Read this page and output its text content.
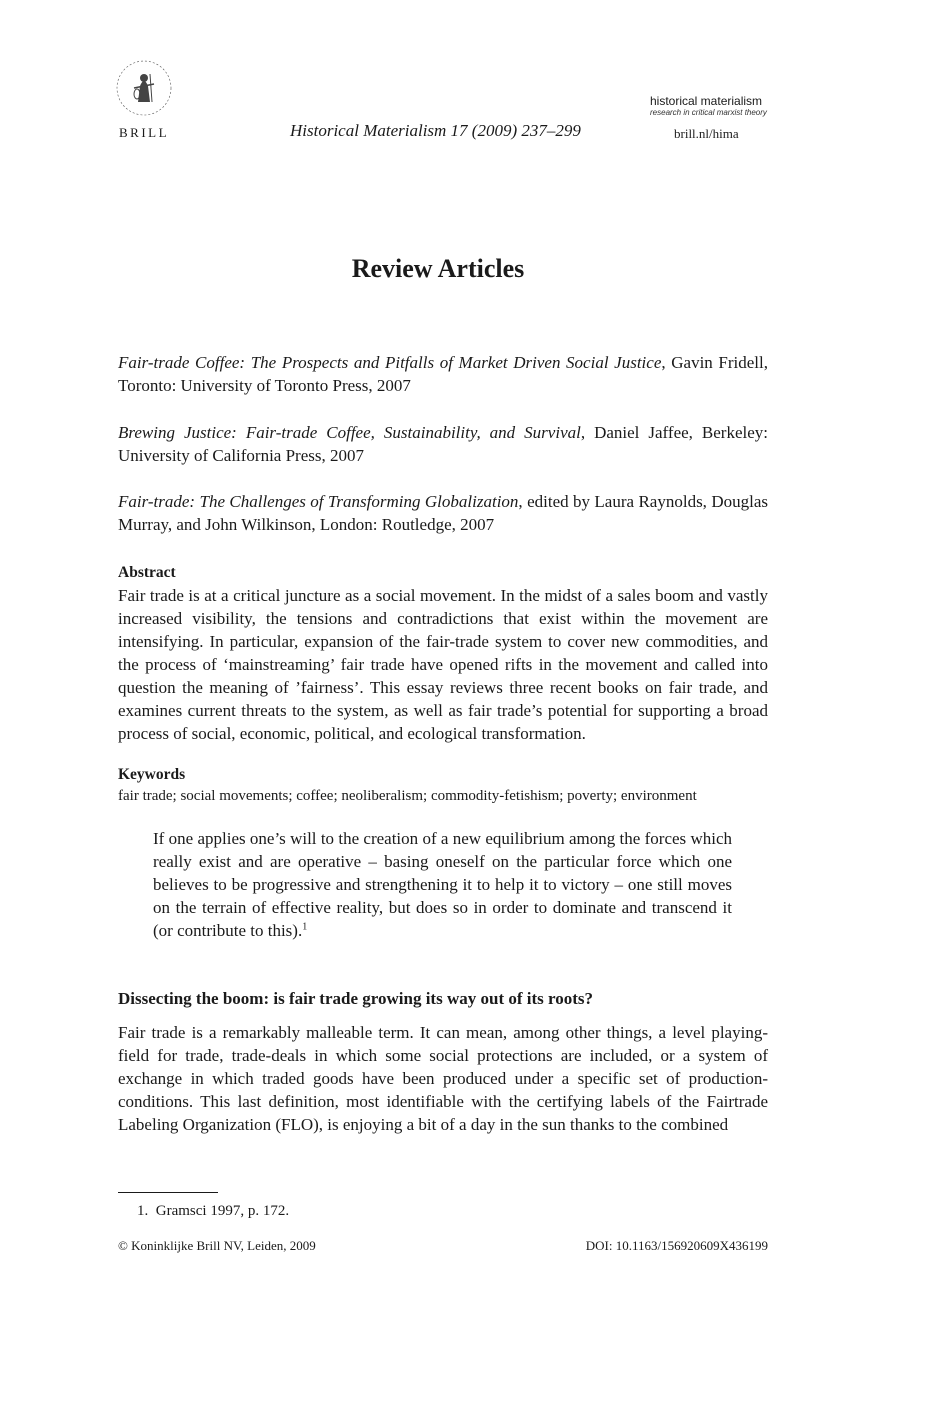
BRILL	Historical Materialism 17 (2009) 237–299
historical materialism
research in critical marxist theory
brill.nl/hima
Review Articles
Fair-trade Coffee: The Prospects and Pitfalls of Market Driven Social Justice, Gavin Fridell, Toronto: University of Toronto Press, 2007
Brewing Justice: Fair-trade Coffee, Sustainability, and Survival, Daniel Jaffee, Berkeley: University of California Press, 2007
Fair-trade: The Challenges of Transforming Globalization, edited by Laura Raynolds, Douglas Murray, and John Wilkinson, London: Routledge, 2007
Abstract
Fair trade is at a critical juncture as a social movement. In the midst of a sales boom and vastly increased visibility, the tensions and contradictions that exist within the movement are intensifying. In particular, expansion of the fair-trade system to cover new commodities, and the process of ‘mainstreaming’ fair trade have opened rifts in the movement and called into question the meaning of ’fairness’. This essay reviews three recent books on fair trade, and examines current threats to the system, as well as fair trade’s potential for supporting a broad process of social, economic, political, and ecological transformation.
Keywords
fair trade; social movements; coffee; neoliberalism; commodity-fetishism; poverty; environment
If one applies one’s will to the creation of a new equilibrium among the forces which really exist and are operative – basing oneself on the particular force which one believes to be progressive and strengthening it to help it to victory – one still moves on the terrain of effective reality, but does so in order to dominate and transcend it (or contribute to this).$^1$
Dissecting the boom: is fair trade growing its way out of its roots?
Fair trade is a remarkably malleable term. It can mean, among other things, a level playing-field for trade, trade-deals in which some social protections are included, or a system of exchange in which traded goods have been produced under a specific set of production-conditions. This last definition, most identifiable with the certifying labels of the Fairtrade Labeling Organization (FLO), is enjoying a bit of a day in the sun thanks to the combined
1. Gramsci 1997, p. 172.
© Koninklijke Brill NV, Leiden, 2009	DOI: 10.1163/156920609X436199
